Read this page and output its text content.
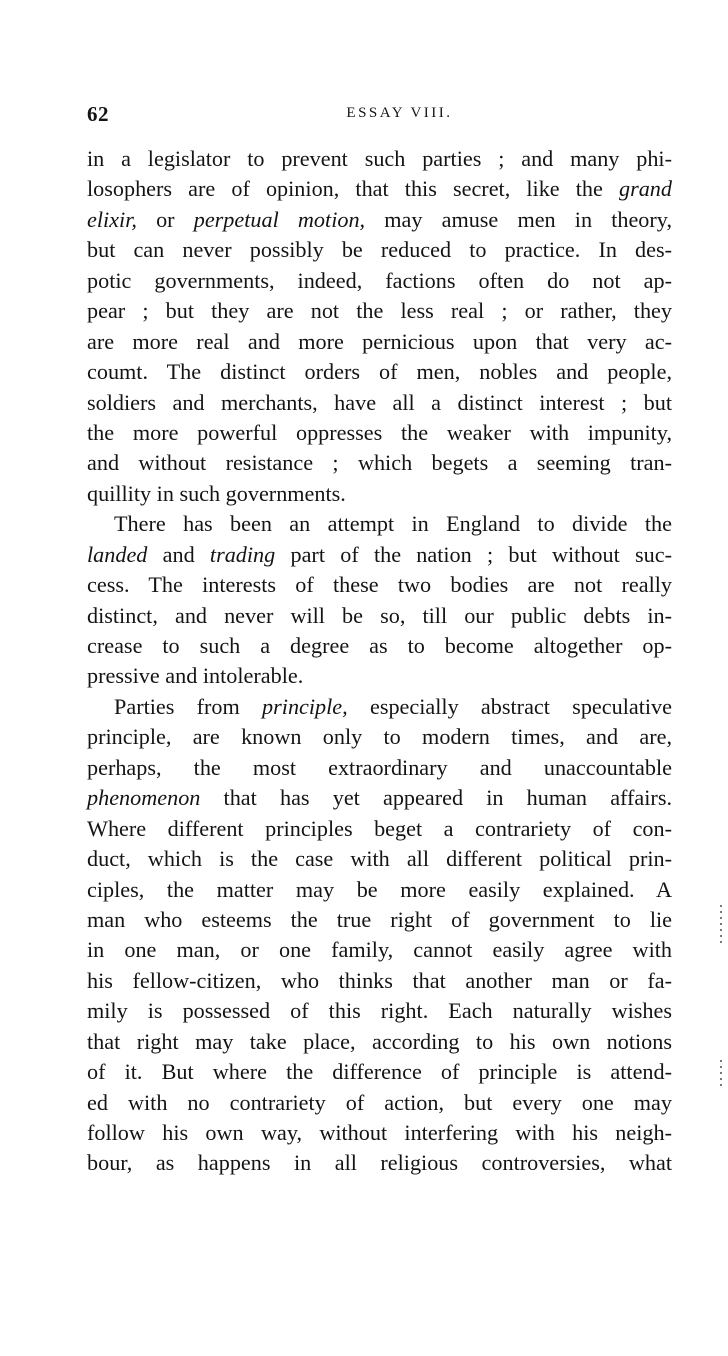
62	ESSAY VIII.
in a legislator to prevent such parties ; and many phi-
losophers are of opinion, that this secret, like the grand
elixir, or perpetual motion, may amuse men in theory,
but can never possibly be reduced to practice. In des-
potic governments, indeed, factions often do not ap-
pear ; but they are not the less real ; or rather, they
are more real and more pernicious upon that very ac-
coumt. The distinct orders of men, nobles and people,
soldiers and merchants, have all a distinct interest ; but
the more powerful oppresses the weaker with impunity,
and without resistance ; which begets a seeming tran-
quillity in such governments.
There has been an attempt in England to divide the
landed and trading part of the nation ; but without suc-
cess. The interests of these two bodies are not really
distinct, and never will be so, till our public debts in-
crease to such a degree as to become altogether op-
pressive and intolerable.
Parties from principle, especially abstract speculative
principle, are known only to modern times, and are,
perhaps, the most extraordinary and unaccountable
phenomenon that has yet appeared in human affairs.
Where different principles beget a contrariety of con-
duct, which is the case with all different political prin-
ciples, the matter may be more easily explained. A
man who esteems the true right of government to lie
in one man, or one family, cannot easily agree with
his fellow-citizen, who thinks that another man or fa-
mily is possessed of this right. Each naturally wishes
that right may take place, according to his own notions
of it. But where the difference of principle is attend-
ed with no contrariety of action, but every one may
follow his own way, without interfering with his neigh-
bour, as happens in all religious controversies, what
